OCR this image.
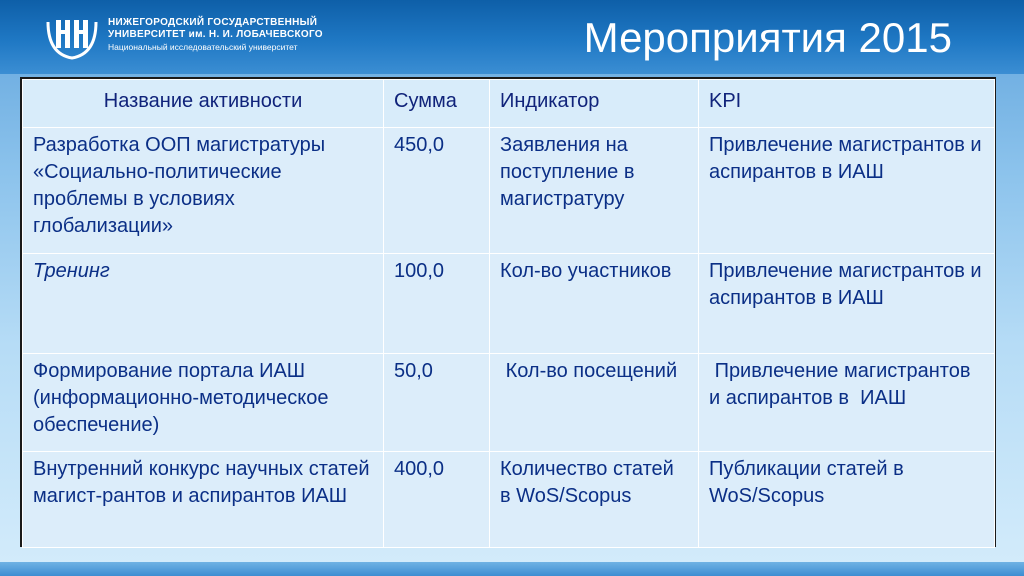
НИЖЕГОРОДСКИЙ ГОСУДАРСТВЕННЫЙ
УНИВЕРСИТЕТ им. Н. И. ЛОБАЧЕВСКОГО
Национальный исследовательский университет	Мероприятия 2015
Название активности	Сумма	Индикатор	KPI
Разработка ООП магистратуры «Социально-политические проблемы в условиях глобализации»	450,0	Заявления на поступление в магистратуру	Привлечение магистрантов и аспирантов в ИАШ
Тренинг	100,0	Кол-во участников	Привлечение магистрантов и аспирантов в ИАШ
Формирование портала ИАШ (информационно-методическое обеспечение)	50,0	Кол-во посещений	Привлечение магистрантов и аспирантов в  ИАШ
Внутренний конкурс научных статей магист-рантов и аспирантов ИАШ	400,0	Количество статей в WoS/Scopus	Публикации статей в WoS/Scopus
